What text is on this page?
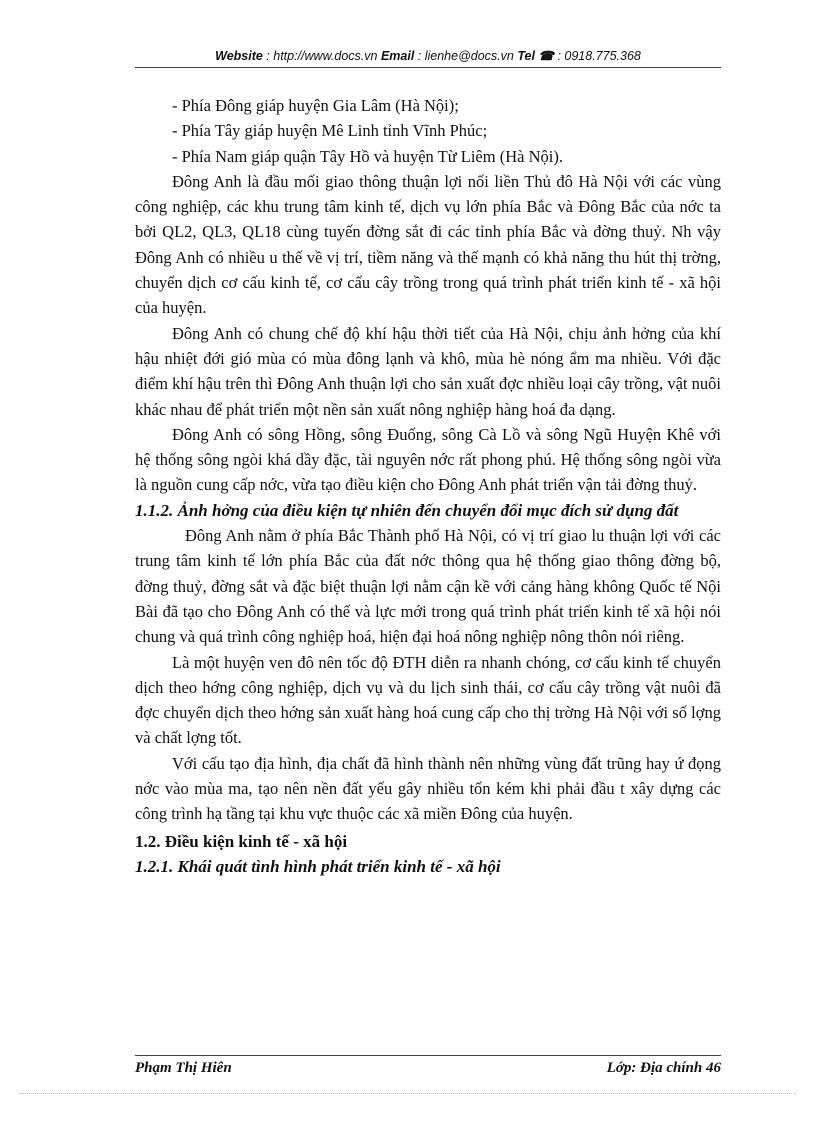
Website : http://www.docs.vn Email : lienhe@docs.vn Tel ☎ : 0918.775.368

- Phía Đông giáp huyện Gia Lâm (Hà Nội);

- Phía Tây giáp huyện Mê Linh tỉnh Vĩnh Phúc;

- Phía Nam giáp quận Tây Hồ và huyện Từ Liêm (Hà Nội).

Đông Anh là đầu mối giao thông thuận lợi nối liền Thủ đô Hà Nội với các vùng công nghiệp, các khu trung tâm kinh tế, dịch vụ lớn phía Bắc và Đông Bắc của nớc ta bởi QL2, QL3, QL18 cùng tuyến đờng sắt đi các tỉnh phía Bắc và đờng thuỷ. Nh vậy Đông Anh có nhiều u thế về vị trí, tiềm năng và thế mạnh có khả năng thu hút thị trờng, chuyển dịch cơ cấu kinh tế, cơ cấu cây trồng trong quá trình phát triển kinh tế - xã hội của huyện.

Đông Anh có chung chế độ khí hậu thời tiết của Hà Nội, chịu ảnh hởng của khí hậu nhiệt đới gió mùa có mùa đông lạnh và khô, mùa hè nóng ẩm ma nhiều. Với đặc điểm khí hậu trên thì Đông Anh thuận lợi cho sản xuất đợc nhiều loại cây trồng, vật nuôi khác nhau để phát triển một nền sản xuất nông nghiệp hàng hoá đa dạng.

Đông Anh có sông Hồng, sông Đuống, sông Cà Lồ và sông Ngũ Huyện Khê với hệ thống sông ngòi khá dầy đặc, tài nguyên nớc rất phong phú. Hệ thống sông ngòi vừa là nguồn cung cấp nớc, vừa tạo điều kiện cho Đông Anh phát triển vận tải đờng thuỷ.

1.1.2. Ảnh hởng của điều kiện tự nhiên đến chuyển đổi mục đích sử dụng đất

Đông Anh nằm ở phía Bắc Thành phố Hà Nội, có vị trí giao lu thuận lợi với các trung tâm kinh tế lớn phía Bắc của đất nớc thông qua hệ thống giao thông đờng bộ, đờng thuỷ, đờng sắt và đặc biệt thuận lợi nằm cận kề với cảng hàng không Quốc tế Nội Bài đã tạo cho Đông Anh có thế và lực mới trong quá trình phát triển kinh tế xã hội nói chung và quá trình công nghiệp hoá, hiện đại hoá nông nghiệp nông thôn nói riêng.

Là một huyện ven đô nên tốc độ ĐTH diễn ra nhanh chóng, cơ cấu kinh tế chuyển dịch theo hớng công nghiệp, dịch vụ và du lịch sinh thái, cơ cấu cây trồng vật nuôi đã đợc chuyển dịch theo hớng sản xuất hàng hoá cung cấp cho thị trờng Hà Nội với số lợng và chất lợng tốt.

Với cấu tạo địa hình, địa chất đã hình thành nên những vùng đất trũng hay ứ đọng nớc vào mùa ma, tạo nên nền đất yếu gây nhiều tốn kém khi phải đầu t xây dựng các công trình hạ tầng tại khu vực thuộc các xã miền Đông của huyện.

1.2. Điều kiện kinh tế - xã hội

1.2.1. Khái quát tình hình phát triển kinh tế - xã hội

Phạm Thị Hiên	Lớp: Địa chính 46
